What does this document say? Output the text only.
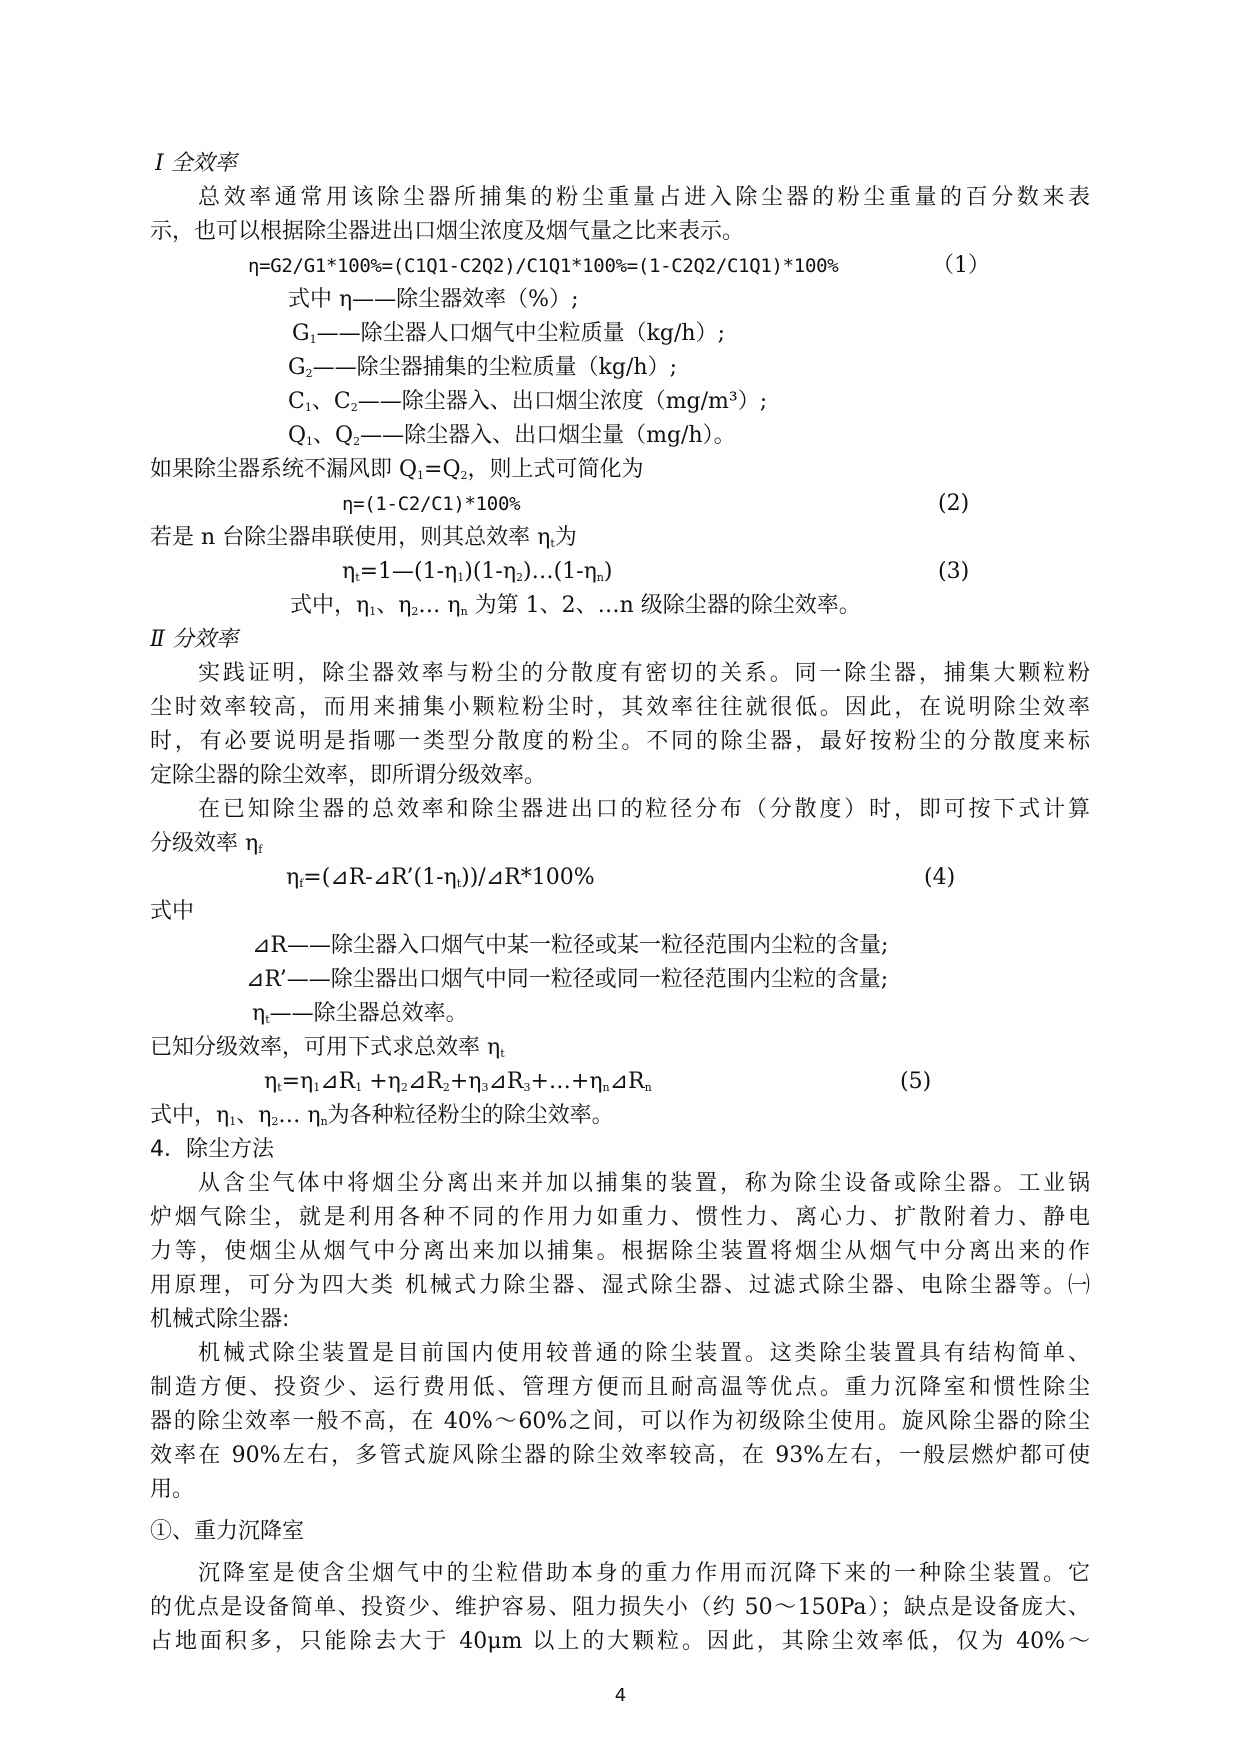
Ⅰ 全效率
总效率通常用该除尘器所捕集的粉尘重量占进入除尘器的粉尘重量的百分数来表
示，也可以根据除尘器进出口烟尘浓度及烟气量之比来表示。
η=G2/G1*100%=(C1Q1-C2Q2)/C1Q1*100%=(1-C2Q2/C1Q1)*100%	（1）
式中 η——除尘器效率（%）;
$G_1——$除尘器人口烟气中尘粒质量（kg/h）;
$G_2——$除尘器捕集的尘粒质量（kg/h）;
$C_1$、$C_2——$除尘器入、出口烟尘浓度（mg/m³）;
$Q_1$、$Q_2——$除尘器入、出口烟尘量（mg/h）。
如果除尘器系统不漏风即 $Q_1=Q_2$，则上式可简化为
η=(1-C2/C1)*100%	(2)
若是 n 台除尘器串联使用，则其总效率 $\eta_t$为
$\eta_t=1—(1-\eta_1)(1-\eta_2)\dots(1-\eta_n)$	(3)
式中，$\eta_1$、$\eta_2\dots$ $\eta_n$ 为第 1、2、…n 级除尘器的除尘效率。
Ⅱ 分效率
实践证明，除尘器效率与粉尘的分散度有密切的关系。同一除尘器，捕集大颗粒粉
尘时效率较高，而用来捕集小颗粒粉尘时，其效率往往就很低。因此，在说明除尘效率
时，有必要说明是指哪一类型分散度的粉尘。不同的除尘器，最好按粉尘的分散度来标
定除尘器的除尘效率，即所谓分级效率。
在已知除尘器的总效率和除尘器进出口的粒径分布（分散度）时，即可按下式计算
分级效率 $\eta_f$
$\eta_f=(⊿R-⊿R’(1-\eta_t))/⊿R*100\%$	(4)
式中
⊿R——除尘器入口烟气中某一粒径或某一粒径范围内尘粒的含量;
⊿R’——除尘器出口烟气中同一粒径或同一粒径范围内尘粒的含量;
$\eta_t——$除尘器总效率。
已知分级效率，可用下式求总效率 $\eta_t$
$\eta_t=\eta_1⊿R_1$ $+\eta_2⊿R_2+\eta_3⊿R_3+\dots+\eta_n⊿R_n$	(5)
式中，$\eta_1$、$\eta_2\dots$ $\eta_n$为各种粒径粉尘的除尘效率。
4．除尘方法
从含尘气体中将烟尘分离出来并加以捕集的装置，称为除尘设备或除尘器。工业锅
炉烟气除尘，就是利用各种不同的作用力如重力、惯性力、离心力、扩散附着力、静电
力等，使烟尘从烟气中分离出来加以捕集。根据除尘装置将烟尘从烟气中分离出来的作
用原理，可分为四大类 机械式力除尘器、湿式除尘器、过滤式除尘器、电除尘器等。㈠
机械式除尘器:
机械式除尘装置是目前国内使用较普通的除尘装置。这类除尘装置具有结构简单、
制造方便、投资少、运行费用低、管理方便而且耐高温等优点。重力沉降室和惯性除尘
器的除尘效率一般不高，在 40%～60%之间，可以作为初级除尘使用。旋风除尘器的除尘
效率在 90%左右，多管式旋风除尘器的除尘效率较高，在 93%左右，一般层燃炉都可使
用。
①、重力沉降室
沉降室是使含尘烟气中的尘粒借助本身的重力作用而沉降下来的一种除尘装置。它
的优点是设备简单、投资少、维护容易、阻力损失小（约 50～150Pa）；缺点是设备庞大、
占地面积多，只能除去大于 40μm 以上的大颗粒。因此，其除尘效率低，仅为 40%～
4
